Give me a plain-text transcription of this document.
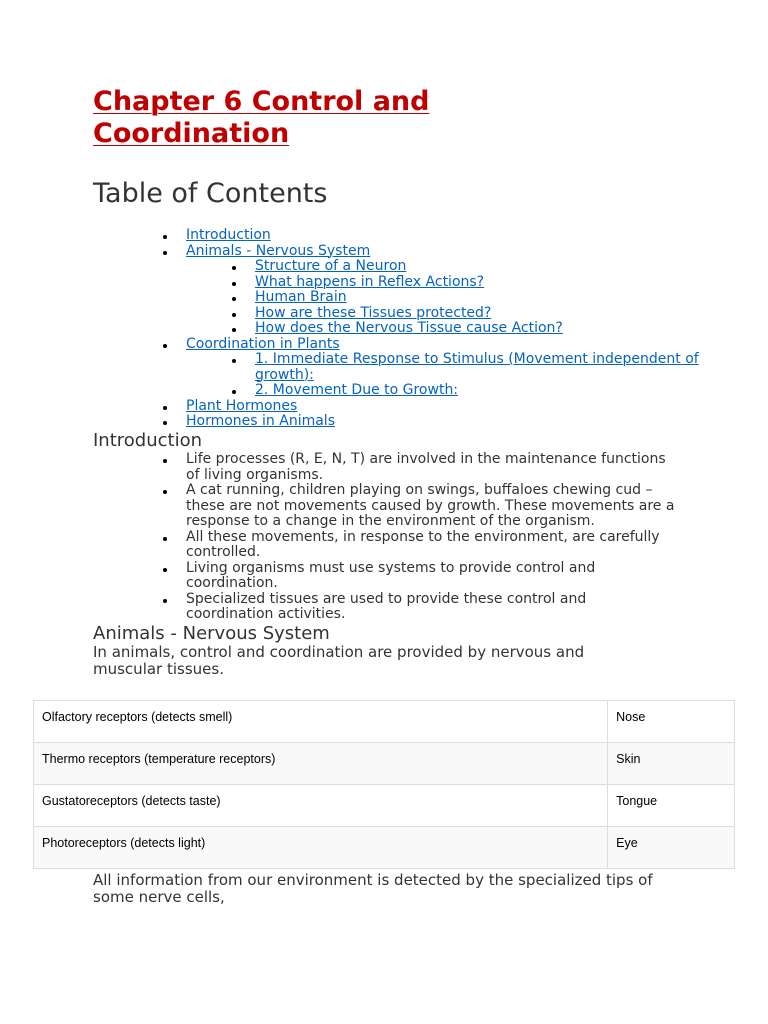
Chapter 6 Control and Coordination
Table of Contents
Introduction
Animals - Nervous System
Structure of a Neuron
What happens in Reflex Actions?
Human Brain
How are these Tissues protected?
How does the Nervous Tissue cause Action?
Coordination in Plants
1. Immediate Response to Stimulus (Movement independent of growth):
2. Movement Due to Growth:
Plant Hormones
Hormones in Animals
Introduction
Life processes (R, E, N, T) are involved in the maintenance functions of living organisms.
A cat running, children playing on swings, buffaloes chewing cud – these are not movements caused by growth. These movements are a response to a change in the environment of the organism.
All these movements, in response to the environment, are carefully controlled.
Living organisms must use systems to provide control and coordination.
Specialized tissues are used to provide these control and coordination activities.
Animals - Nervous System

In animals, control and coordination are provided by nervous and muscular tissues.

Olfactory receptors (detects smell)	Nose
Thermo receptors (temperature receptors)	Skin
Gustatoreceptors (detects taste)	Tongue
Photoreceptors (detects light)	Eye

All information from our environment is detected by the specialized tips of some nerve cells,
